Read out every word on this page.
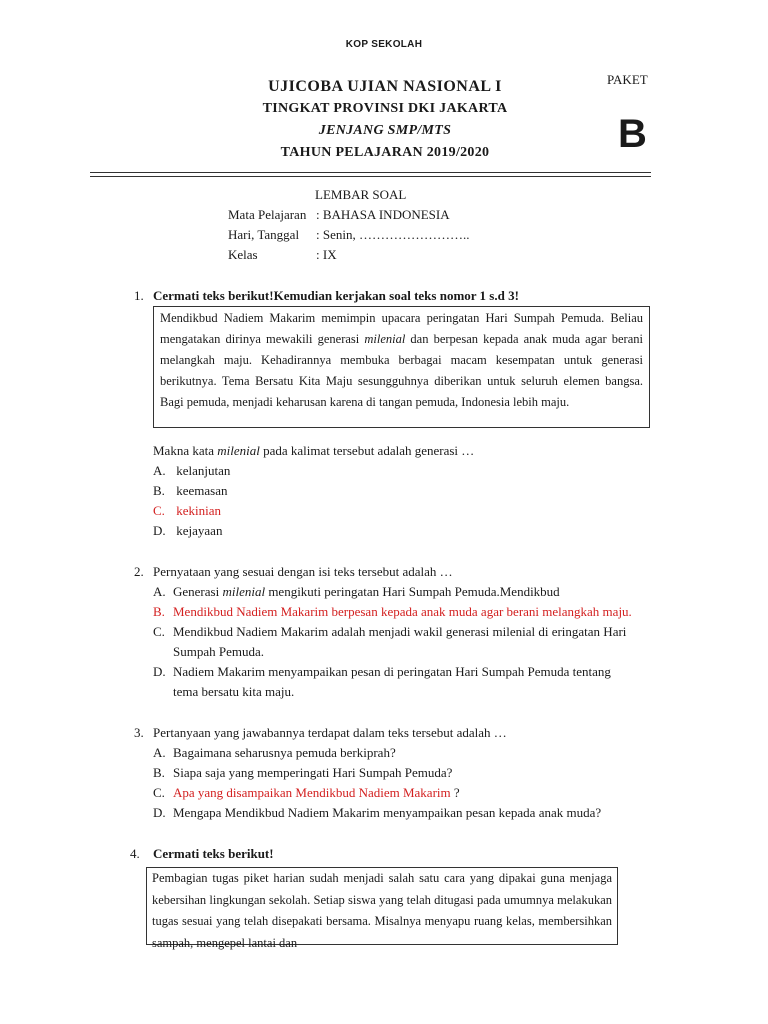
KOP SEKOLAH
UJICOBA UJIAN NASIONAL I
TINGKAT PROVINSI DKI JAKARTA
JENJANG SMP/MTS
TAHUN PELAJARAN 2019/2020
PAKET
B
LEMBAR SOAL
Mata Pelajaran : BAHASA INDONESIA
Hari, Tanggal : Senin, ……………………..
Kelas	: IX
1. Cermati teks berikut!Kemudian kerjakan soal teks nomor 1 s.d 3!
Mendikbud Nadiem Makarim memimpin upacara peringatan Hari Sumpah Pemuda. Beliau mengatakan dirinya mewakili generasi milenial dan berpesan kepada anak muda agar berani melangkah maju. Kehadirannya membuka berbagai macam kesempatan untuk generasi berikutnya. Tema Bersatu Kita Maju sesungguhnya diberikan untuk seluruh elemen bangsa. Bagi pemuda, menjadi keharusan karena di tangan pemuda, Indonesia lebih maju.
Makna kata milenial pada kalimat tersebut adalah generasi …
A. kelanjutan
B. keemasan
C. kekinian
D. kejayaan
2. Pernyataan yang sesuai dengan isi teks tersebut adalah …
A. Generasi milenial mengikuti peringatan Hari Sumpah Pemuda.Mendikbud
B. Mendikbud Nadiem Makarim berpesan kepada anak muda agar berani melangkah maju.
C. Mendikbud Nadiem Makarim adalah menjadi wakil generasi milenial di eringatan Hari
Sumpah Pemuda.
D. Nadiem Makarim menyampaikan pesan di peringatan Hari Sumpah Pemuda tentang
tema bersatu kita maju.
3. Pertanyaan yang jawabannya terdapat dalam teks tersebut adalah …
A. Bagaimana seharusnya pemuda berkiprah?
B. Siapa saja yang memperingati Hari Sumpah Pemuda?
C. Apa yang disampaikan Mendikbud Nadiem Makarim ?
D. Mengapa Mendikbud Nadiem Makarim menyampaikan pesan kepada anak muda?
4. Cermati teks berikut!
Pembagian tugas piket harian sudah menjadi salah satu cara yang dipakai guna menjaga kebersihan lingkungan sekolah. Setiap siswa yang telah ditugasi pada umumnya melakukan tugas sesuai yang telah disepakati bersama. Misalnya menyapu ruang kelas, membersihkan sampah, mengepel lantai dan
